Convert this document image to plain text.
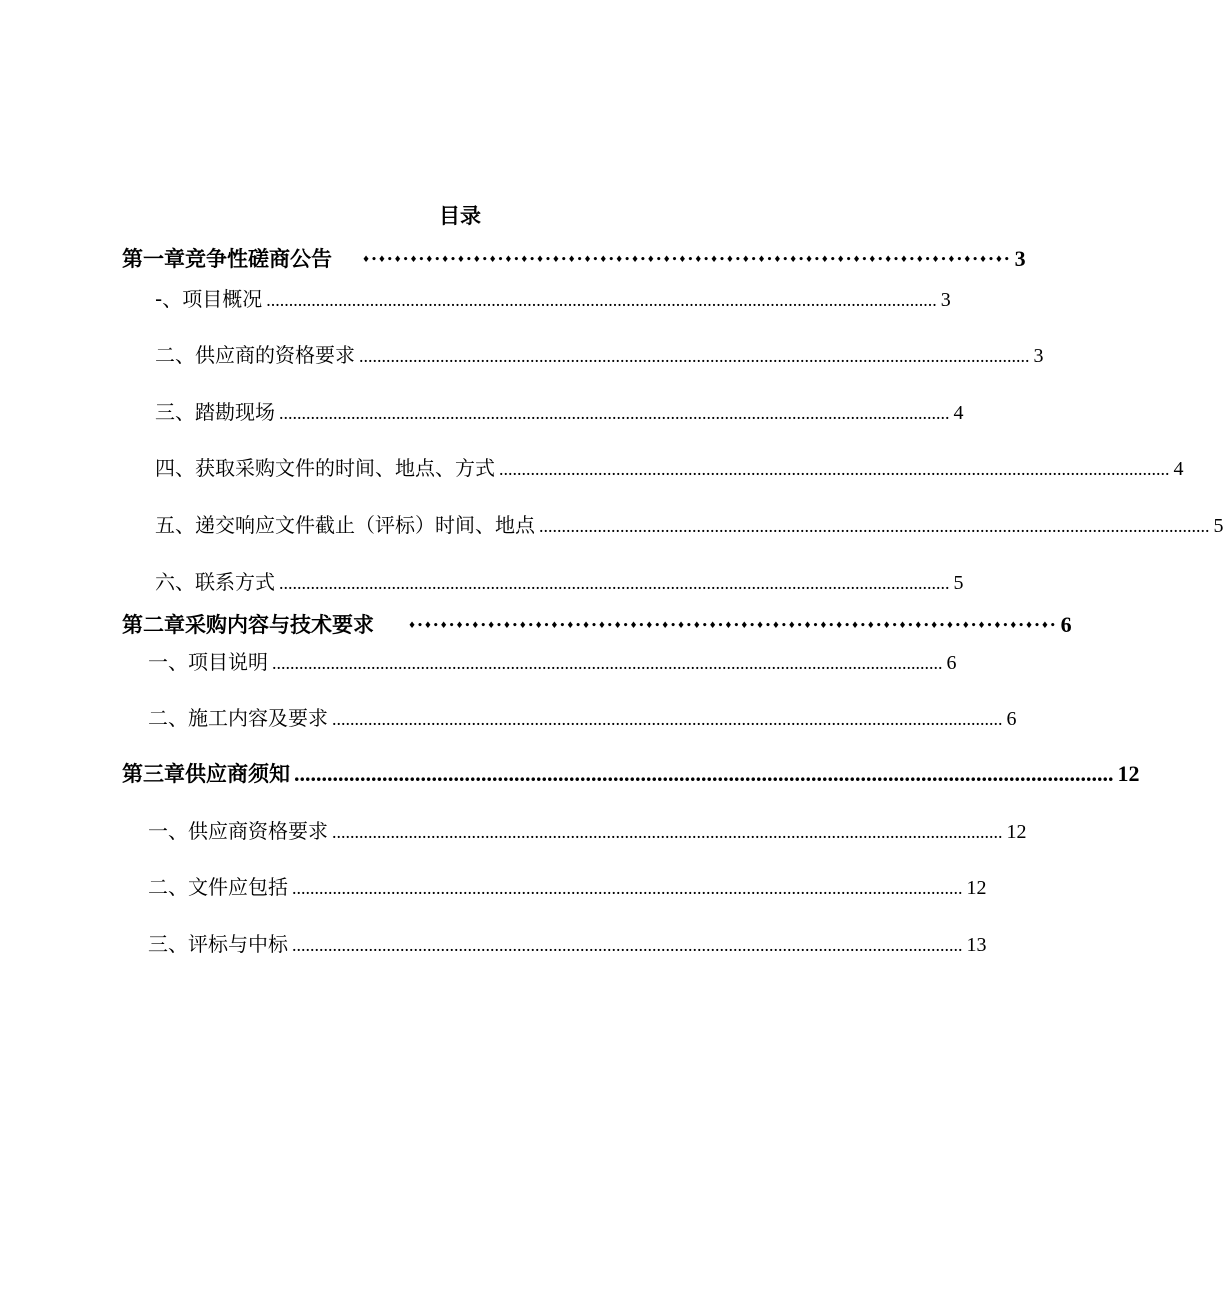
目录
第一章竞争性磋商公告	♦•♦•♦•♦•♦•♦•♦•♦•♦•♦•♦•♦•♦•♦•♦•♦•♦•♦•♦•♦•♦•♦•♦•♦•♦•♦•♦•♦•♦•♦•♦•♦•♦•♦•♦•♦•♦•♦•♦•♦•♦• 3
-、项目概况 ..................................................................................................................................................... 3
二、供应商的资格要求 ..................................................................................................................................................... 3
三、踏勘现场 ..................................................................................................................................................... 4
四、获取采购文件的时间、地点、方式 ..................................................................................................................................................... 4
五、递交响应文件截止（评标）时间、地点 ..................................................................................................................................................... 5
六、联系方式 ..................................................................................................................................................... 5
第二章采购内容与技术要求	♦•♦•♦•♦•♦•♦•♦•♦•♦•♦•♦•♦•♦•♦•♦•♦•♦•♦•♦•♦•♦•♦•♦•♦•♦•♦•♦•♦•♦•♦•♦•♦•♦•♦•♦•♦•♦•♦•♦•♦•♦• 6
一、项目说明 ..................................................................................................................................................... 6
二、施工内容及要求 ..................................................................................................................................................... 6
第三章供应商须知 ..................................................................................................................................................... 12
一、供应商资格要求 ..................................................................................................................................................... 12
二、文件应包括 ..................................................................................................................................................... 12
三、评标与中标 ..................................................................................................................................................... 13
